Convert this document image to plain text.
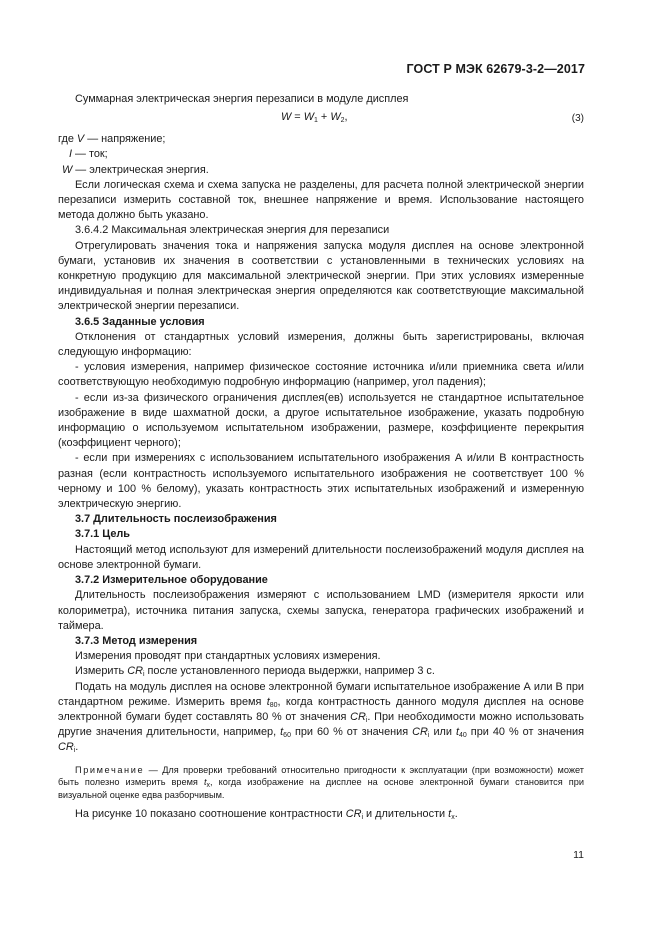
ГОСТ Р МЭК 62679-3-2—2017

Суммарная электрическая энергия перезаписи в модуле дисплея

$W = W_1 + W_2$,	(3)

где V — напряжение;

I — ток;

W — электрическая энергия.

Если логическая схема и схема запуска не разделены, для расчета полной электрической энергии перезаписи измерить составной ток, внешнее напряжение и время. Использование настоящего метода должно быть указано.

3.6.4.2 Максимальная электрическая энергия для перезаписи

Отрегулировать значения тока и напряжения запуска модуля дисплея на основе электронной бумаги, установив их значения в соответствии с установленными в технических условиях на конкретную продукцию для максимальной электрической энергии. При этих условиях измеренные индивидуальная и полная электрическая энергия определяются как соответствующие максимальной электрической энергии перезаписи.

3.6.5 Заданные условия

Отклонения от стандартных условий измерения, должны быть зарегистрированы, включая следующую информацию:

- условия измерения, например физическое состояние источника и/или приемника света и/или соответствующую необходимую подробную информацию (например, угол падения);

- если из-за физического ограничения дисплея(ев) используется не стандартное испытательное изображение в виде шахматной доски, а другое испытательное изображение, указать подробную информацию о используемом испытательном изображении, размере, коэффициенте перекрытия (коэффициент черного);

- если при измерениях с использованием испытательного изображения А и/или В контрастность разная (если контрастность используемого испытательного изображения не соответствует 100 % черному и 100 % белому), указать контрастность этих испытательных изображений и измеренную электрическую энергию.

3.7 Длительность послеизображения

3.7.1 Цель

Настоящий метод используют для измерений длительности послеизображений модуля дисплея на основе электронной бумаги.

3.7.2 Измерительное оборудование

Длительность послеизображения измеряют с использованием LMD (измерителя яркости или колориметра), источника питания запуска, схемы запуска, генератора графических изображений и таймера.

3.7.3 Метод измерения

Измерения проводят при стандартных условиях измерения.

Измерить $CR_i$ после установленного периода выдержки, например 3 с.

Подать на модуль дисплея на основе электронной бумаги испытательное изображение А или В при стандартном режиме. Измерить время $t_{80}$, когда контрастность данного модуля дисплея на основе электронной бумаги будет составлять 80 % от значения $CR_i$. При необходимости можно использовать другие значения длительности, например, $t_{60}$ при 60 % от значения $CR_i$ или $t_{40}$ при 40 % от значения $CR_i$.

Примечание — Для проверки требований относительно пригодности к эксплуатации (при возможности) может быть полезно измерить время $t_x$, когда изображение на дисплее на основе электронной бумаги становится при визуальной оценке едва разборчивым.

На рисунке 10 показано соотношение контрастности $CR_i$ и длительности $t_x$.

11
